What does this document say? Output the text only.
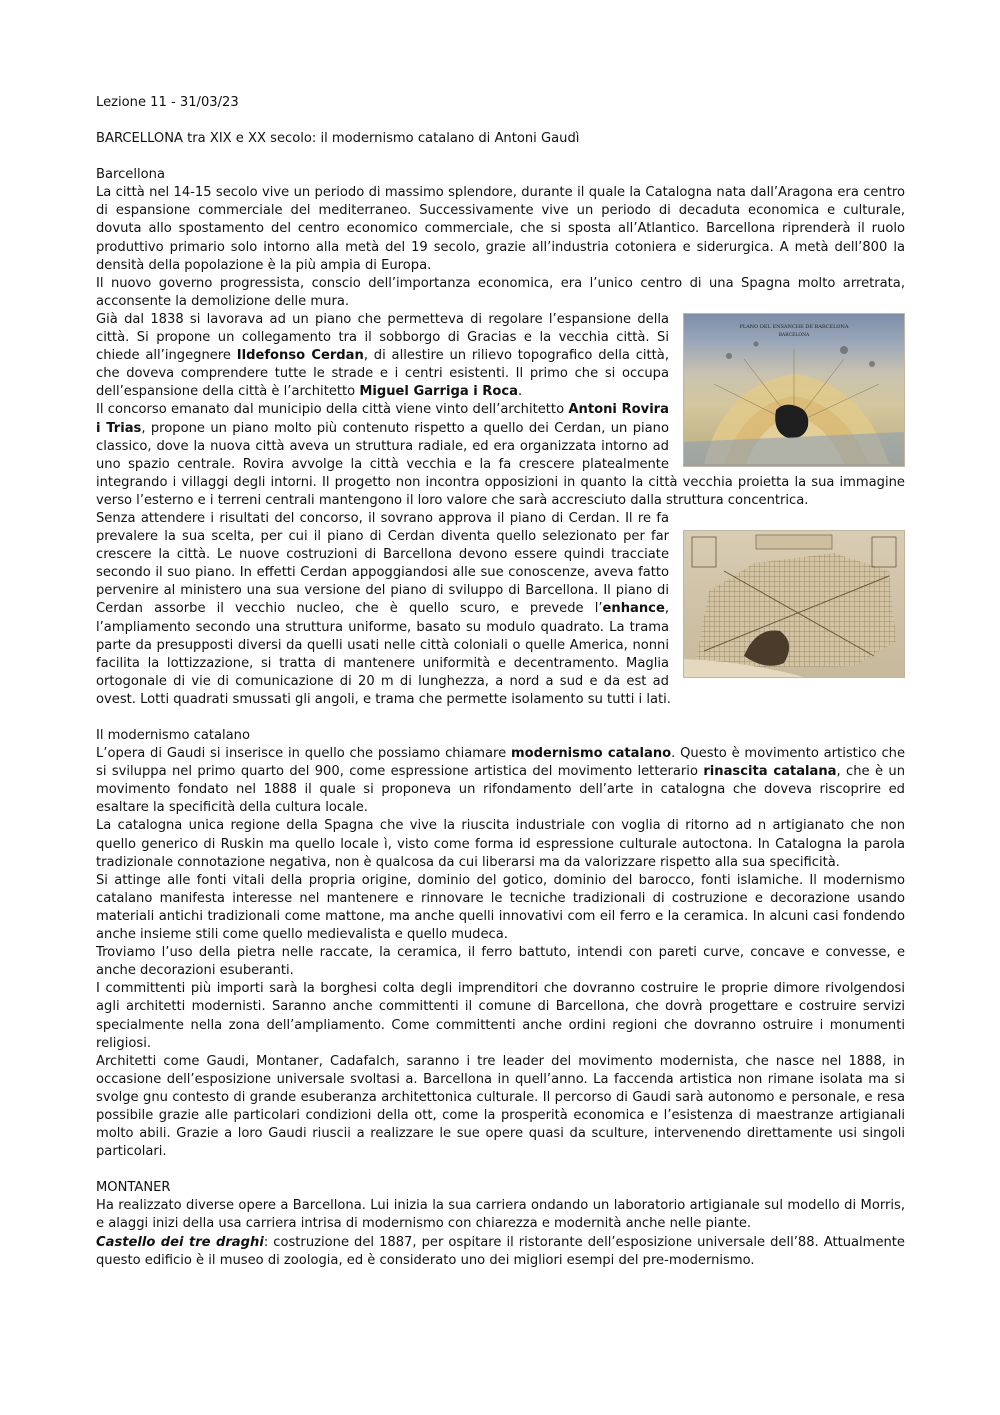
Lezione 11 - 31/03/23

BARCELLONA tra XIX e XX secolo: il modernismo catalano di Antoni Gaudì

Barcellona

La città nel 14-15 secolo vive un periodo di massimo splendore, durante il quale la Catalogna nata dall’Aragona era centro di espansione commerciale del mediterraneo. Successivamente vive un periodo di decaduta economica e culturale, dovuta allo spostamento del centro economico commerciale, che si sposta all’Atlantico. Barcellona riprenderà il ruolo produttivo primario solo intorno alla metà del 19 secolo, grazie all’industria cotoniera e siderurgica. A metà dell’800 la densità della popolazione è la più ampia di Europa.

Il nuovo governo progressista, conscio dell’importanza economica, era l’unico centro di una Spagna molto arretrata, acconsente la demolizione delle mura.

PLANO DEL ENSANCHE DE BARCELONA
BARCELONA

Già dal 1838 si lavorava ad un piano che permetteva di regolare l’espansione della città. Si propone un collegamento tra il sobborgo di Gracias e la vecchia città. Si chiede all’ingegnere Ildefonso Cerdan, di allestire un rilievo topografico della città, che doveva comprendere tutte le strade e i centri esistenti. Il primo che si occupa dell’espansione della città è l’architetto Miguel Garriga i Roca.

Il concorso emanato dal municipio della città viene vinto dell’architetto Antoni Rovira i Trias, propone un piano molto più contenuto rispetto a quello dei Cerdan, un piano classico, dove la nuova città aveva un struttura radiale, ed era organizzata intorno ad uno spazio centrale. Rovira avvolge la città vecchia e la fa crescere platealmente integrando i villaggi degli intorni. Il progetto non incontra opposizioni in quanto la città vecchia proietta la sua immagine verso l’esterno e i terreni centrali mantengono il loro valore che sarà accresciuto dalla struttura concentrica.

Senza attendere i risultati del concorso, il sovrano approva il piano di Cerdan. Il re fa prevalere la sua scelta, per cui il piano di Cerdan diventa quello selezionato per far crescere la città. Le nuove costruzioni di Barcellona devono essere quindi tracciate secondo il suo piano. In effetti Cerdan appoggiandosi alle sue conoscenze, aveva fatto pervenire al ministero una sua versione del piano di sviluppo di Barcellona. Il piano di Cerdan assorbe il vecchio nucleo, che è quello scuro, e prevede l’enhance, l’ampliamento secondo una struttura uniforme, basato su modulo quadrato. La trama parte da presupposti diversi da quelli usati nelle città coloniali o quelle America, nonni facilita la lottizzazione, si tratta di mantenere uniformità e decentramento. Maglia ortogonale di vie di comunicazione di 20 m di lunghezza, a nord a sud e da est ad ovest. Lotti quadrati smussati gli angoli, e trama che permette isolamento su tutti i lati.

Il modernismo catalano

L’opera di Gaudi si inserisce in quello che possiamo chiamare modernismo catalano. Questo è movimento artistico che si sviluppa nel primo quarto del 900, come espressione artistica del movimento letterario rinascita catalana, che è un movimento fondato nel 1888 il quale si proponeva un rifondamento dell’arte in catalogna che doveva riscoprire ed esaltare la specificità della cultura locale.

La catalogna unica regione della Spagna che vive la riuscita industriale con voglia di ritorno ad n artigianato che non quello generico di Ruskin ma quello locale ì, visto come forma id espressione culturale autoctona. In Catalogna la parola tradizionale connotazione negativa, non è qualcosa da cui liberarsi ma da valorizzare rispetto alla sua specificità.

Si attinge alle fonti vitali della propria origine, dominio del gotico, dominio del barocco, fonti islamiche. Il modernismo catalano manifesta interesse nel mantenere e rinnovare le tecniche tradizionali di costruzione e decorazione usando materiali antichi tradizionali come mattone, ma anche quelli innovativi com eil ferro e la ceramica. In alcuni casi fondendo anche insieme stili come quello medievalista e quello mudeca.

Troviamo l’uso della pietra nelle raccate, la ceramica, il ferro battuto, intendi con pareti curve, concave e convesse, e anche decorazioni esuberanti.

I committenti più importi sarà la borghesi colta degli imprenditori che dovranno costruire le proprie dimore rivolgendosi agli architetti modernisti. Saranno anche committenti il comune di Barcellona, che dovrà progettare e costruire servizi specialmente nella zona dell’ampliamento. Come committenti anche ordini regioni che dovranno ostruire i monumenti religiosi.

Architetti come Gaudi, Montaner, Cadafalch, saranno i tre leader del movimento modernista, che nasce nel 1888, in occasione dell’esposizione universale svoltasi a. Barcellona in quell’anno. La faccenda artistica non rimane isolata ma si svolge gnu contesto di grande esuberanza architettonica culturale. Il percorso di Gaudi sarà autonomo e personale, e resa possibile grazie alle particolari condizioni della ott, come la prosperità economica e l’esistenza di maestranze artigianali molto abili. Grazie a loro Gaudi riuscii a realizzare le sue opere quasi da sculture, intervenendo direttamente usi singoli particolari.

MONTANER

Ha realizzato diverse opere a Barcellona. Lui inizia la sua carriera ondando un laboratorio artigianale sul modello di Morris, e alaggi inizi della usa carriera intrisa di modernismo con chiarezza e modernità anche nelle piante.

Castello dei tre draghi: costruzione del 1887, per ospitare il ristorante dell’esposizione universale dell’88. Attualmente questo edificio è il museo di zoologia, ed è considerato uno dei migliori esempi del pre-modernismo.
